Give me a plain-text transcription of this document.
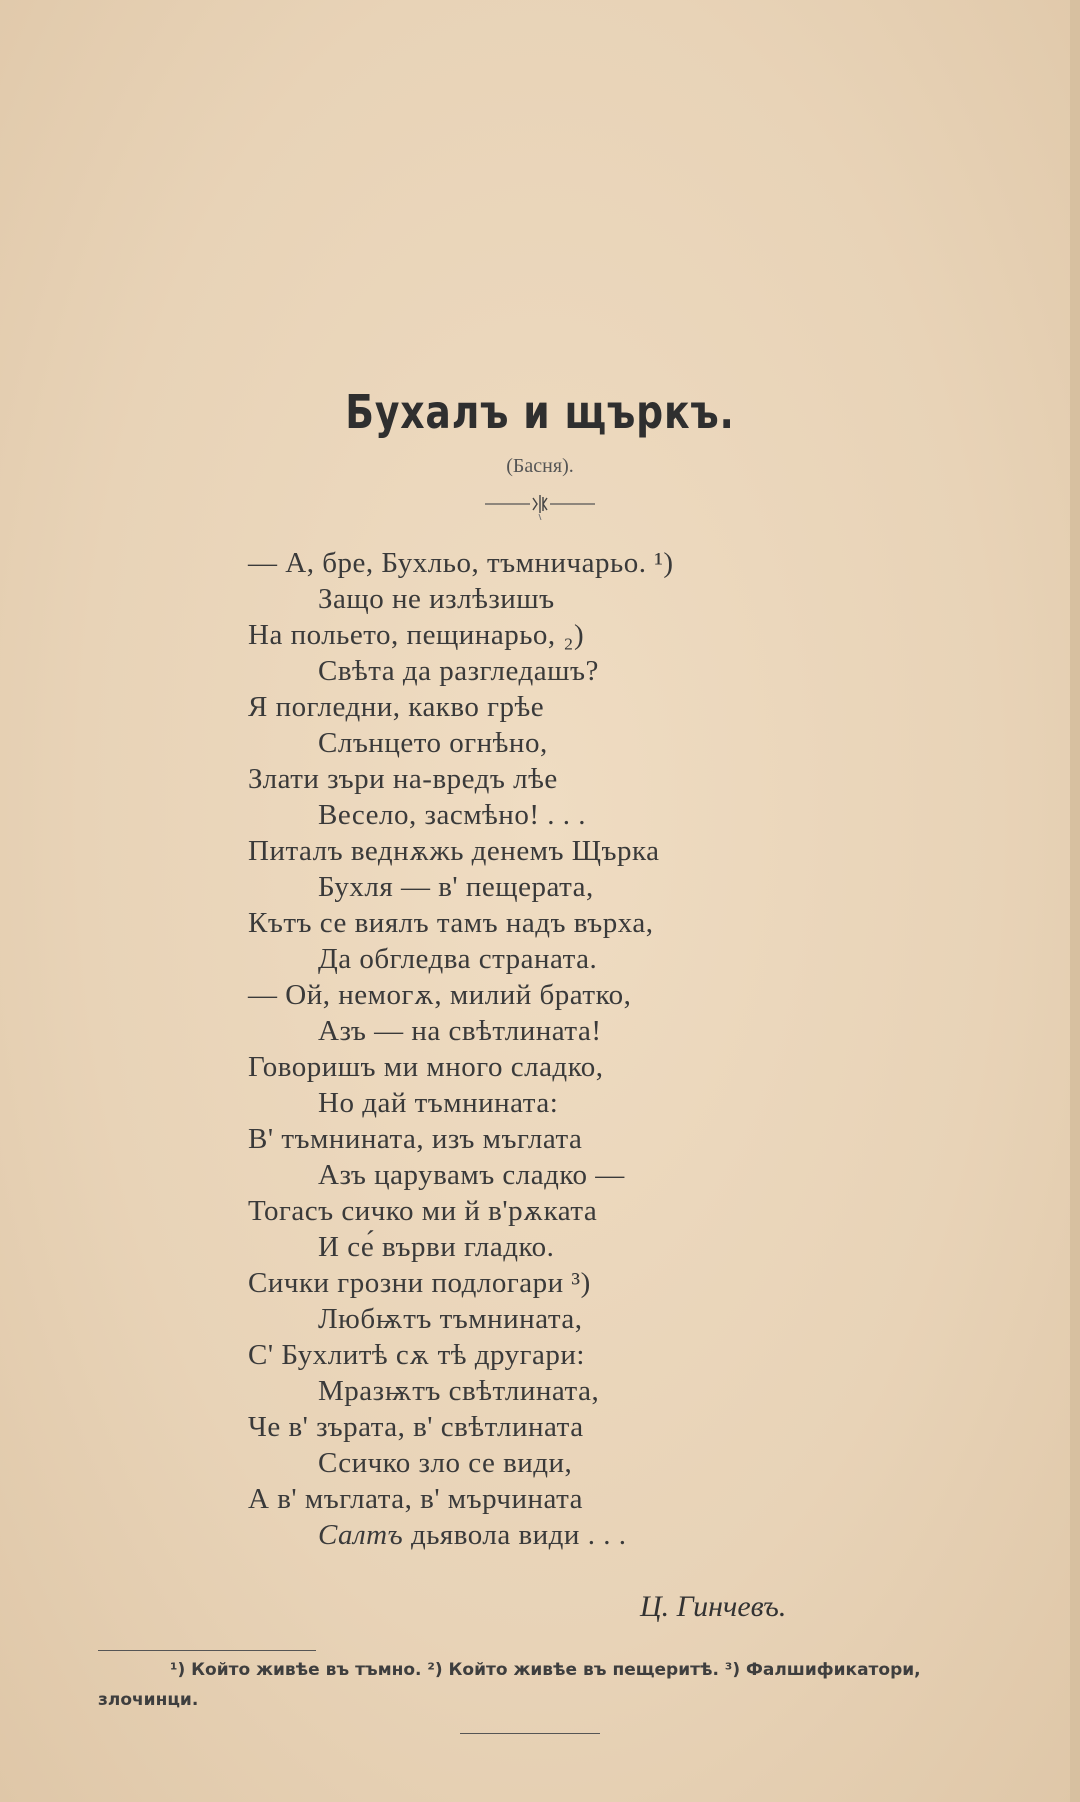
Бухалъ и щъркъ.
(Басня).
— А, бре, Бухльо, тъмничарьо. ¹)
Защо не излѣзишъ
На польето, пещинарьо, ₂)
Свѣта да разгледашъ?
Я погледни, какво грѣе
Слънцето огнѣно,
Злати зъри на-вредъ лѣе
Весело, засмѣно! . . .
Питалъ веднѫжь денемъ Щърка
Бухля — в' пещерата,
Кътъ се виялъ тамъ надъ върха,
Да обгледва страната.
— Ой, немогѫ, милий братко,
Азъ — на свѣтлината!
Говоришъ ми много сладко,
Но дай тъмнината:
В' тъмнината, изъ мъглата
Азъ царувамъ сладко —
Тогасъ сичко ми й в'рѫката
И се́ върви гладко.
Сички грозни подлогари ³)
Любѭтъ тъмнината,
С' Бухлитѣ сѫ тѣ другари:
Мразѭтъ свѣтлината,
Че в' зърата, в' свѣтлината
Ссичко зло се види,
А в' мъглата, в' мърчината
Салтъ дьявола види . . .
Ц. Гинчевъ.
¹) Който живѣе въ тъмно. ²) Който живѣе въ пещеритѣ. ³) Фалшификатори, злочинци.
